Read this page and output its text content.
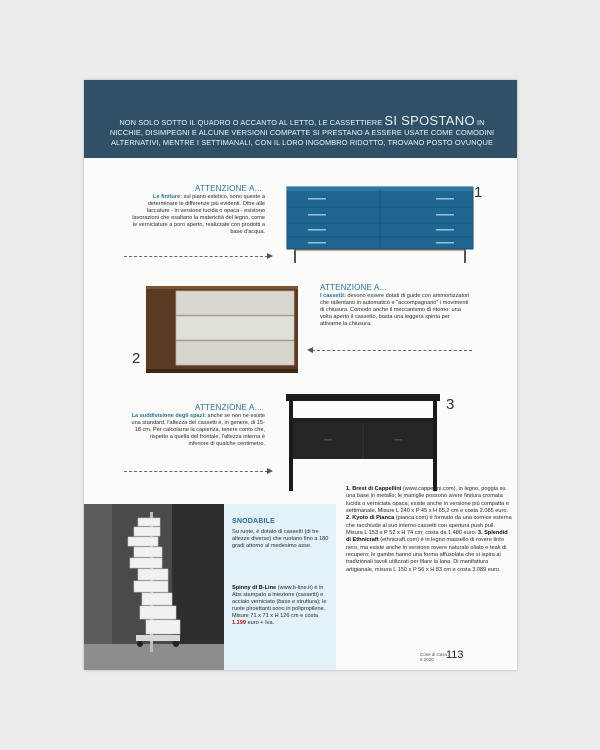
NON SOLO SOTTO IL QUADRO O ACCANTO AL LETTO, LE CASSETTIERE SI SPOSTANO IN
NICCHIE, DISIMPEGNI E ALCUNE VERSIONI COMPATTE SI PRESTANO A ESSERE USATE COME COMODINI
ALTERNATIVI, MENTRE I SETTIMANALI, CON IL LORO INGOMBRO RIDOTTO, TROVANO POSTO OVUNQUE
ATTENZIONE A...
Le finiture: sul piano estetico, sono queste a determinare le differenze più evidenti. Oltre alle laccature - in versione lucida o opaca - esistono lavorazioni che esaltano la matericità del legno, come le verniciature a poro aperto, realizzate con prodotti a base d'acqua.
1
ATTENZIONE A...
I cassetti: devono essere dotati di guide con ammortizzatori che rallentano in automatico e "accompagnano" i movimenti di chiusura. Comodo anche il meccanismo di ritorno: una volta aperto il cassetto, basta una leggera spinta per attivarne la chiusura.
2
ATTENZIONE A...
La suddivisione degli spazi: anche se non ne esiste una standard, l'altezza dei cassetti è, in genere, di 15-18 cm. Per calcolarne la capienza, tenere conto che, rispetto a quella del frontale, l'altezza interna è inferiore di qualche centimetro.
3
SNODABILE
Su ruote, è dotato di cassetti (di tre altezze diverse) che ruotano fino a 180 gradi attorno al medesimo asse.
Spinny di B-Line (www.b-line.it) è in Abs stampato a iniezione (cassetti) e acciaio verniciato (base e struttura); le ruote piroettanti sono in polipropilene. Misure 71 x 71 x H 126 cm e costa 1.199 euro + Iva.
1. Brest di Cappellini (www.cappellini.com), in legno, poggia su una base in metallo; le maniglie possono avere finitura cromata lucida o verniciata opaca; esiste anche in versione più compatta e settimanale. Misure L 240 x P 45 x H 65,2 cm e costa 2.085 euro. 2. Kyoto di Pianca (pianca.com) è formato da una cornice esterna che racchiude al suo interno cassetti con apertura push pull. Misura L 153 x P 52 x H 74 cm; costa da 1.480 euro. 3. Splendid di Ethnicraft (ethnicraft.com) è in legno massello di rovere tinto nero, ma esiste anche in versione rovere naturale oliato e teak di recupero; le gambe hanno una forma affusolata che si ispira ai tradizionali tavoli utilizzati per filare la lana. Di manifattura artigianale, misura L 150 x P 56 x H 83 cm e costa 3.089 euro.
Cose di Casa
6 2020	113
